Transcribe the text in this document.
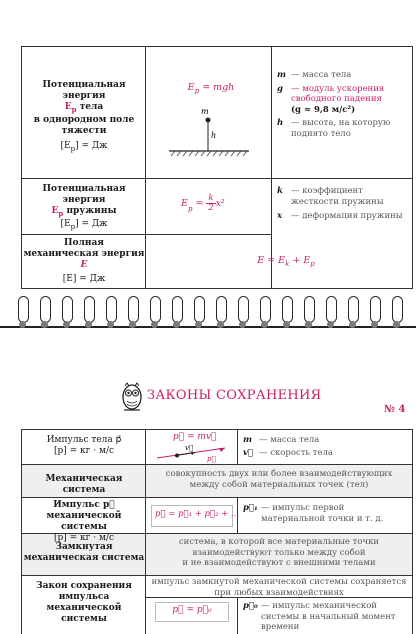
Потенциальная энергия
$E_p$ тела
в однородном поле
тяжести
$[E_p]$ = Дж
$E_p$ = mgh
m
h
m — масса тела
g — модуль ускорения свободного падения
(g ≈ 9,8 м/с²)
h — высота, на которую поднято тело
Потенциальная энергия
$E_p$ пружины
$[E_p]$ = Дж
$E_p = \frac{k}{2} x^2$
k — коэффициент жесткости пружины
x	— деформация пружины
Полная
механическая энергия
E
[E] = Дж
$E = E_k + E_p$
ЗАКОНЫ СОХРАНЕНИЯ
№ 4
Импульс тела p⃗
[p] = кг · м/с
p⃗ = mv⃗
v⃗
p⃗
m — масса тела
v⃗ — скорость тела
Механическая система
совокупность двух или более взаимодействующих
между собой материальных точек (тел)
Импульс p⃗
механической системы
[p] = кг · м/с
p⃗ = p⃗₁ + p⃗₂ + ...
p⃗₁ — импульс первой материальной точки и т. д.
Замкнутая
механическая система
система, в которой все материальные точки
взаимодействуют только между собой
и не взаимодействуют с внешними телами
Закон сохранения
импульса
механической системы
импульс замкнутой механической системы сохраняется
при любых взаимодействиях
p⃗ = p⃗₀	p⃗₀ — импульс механической системы в начальный момент времени
